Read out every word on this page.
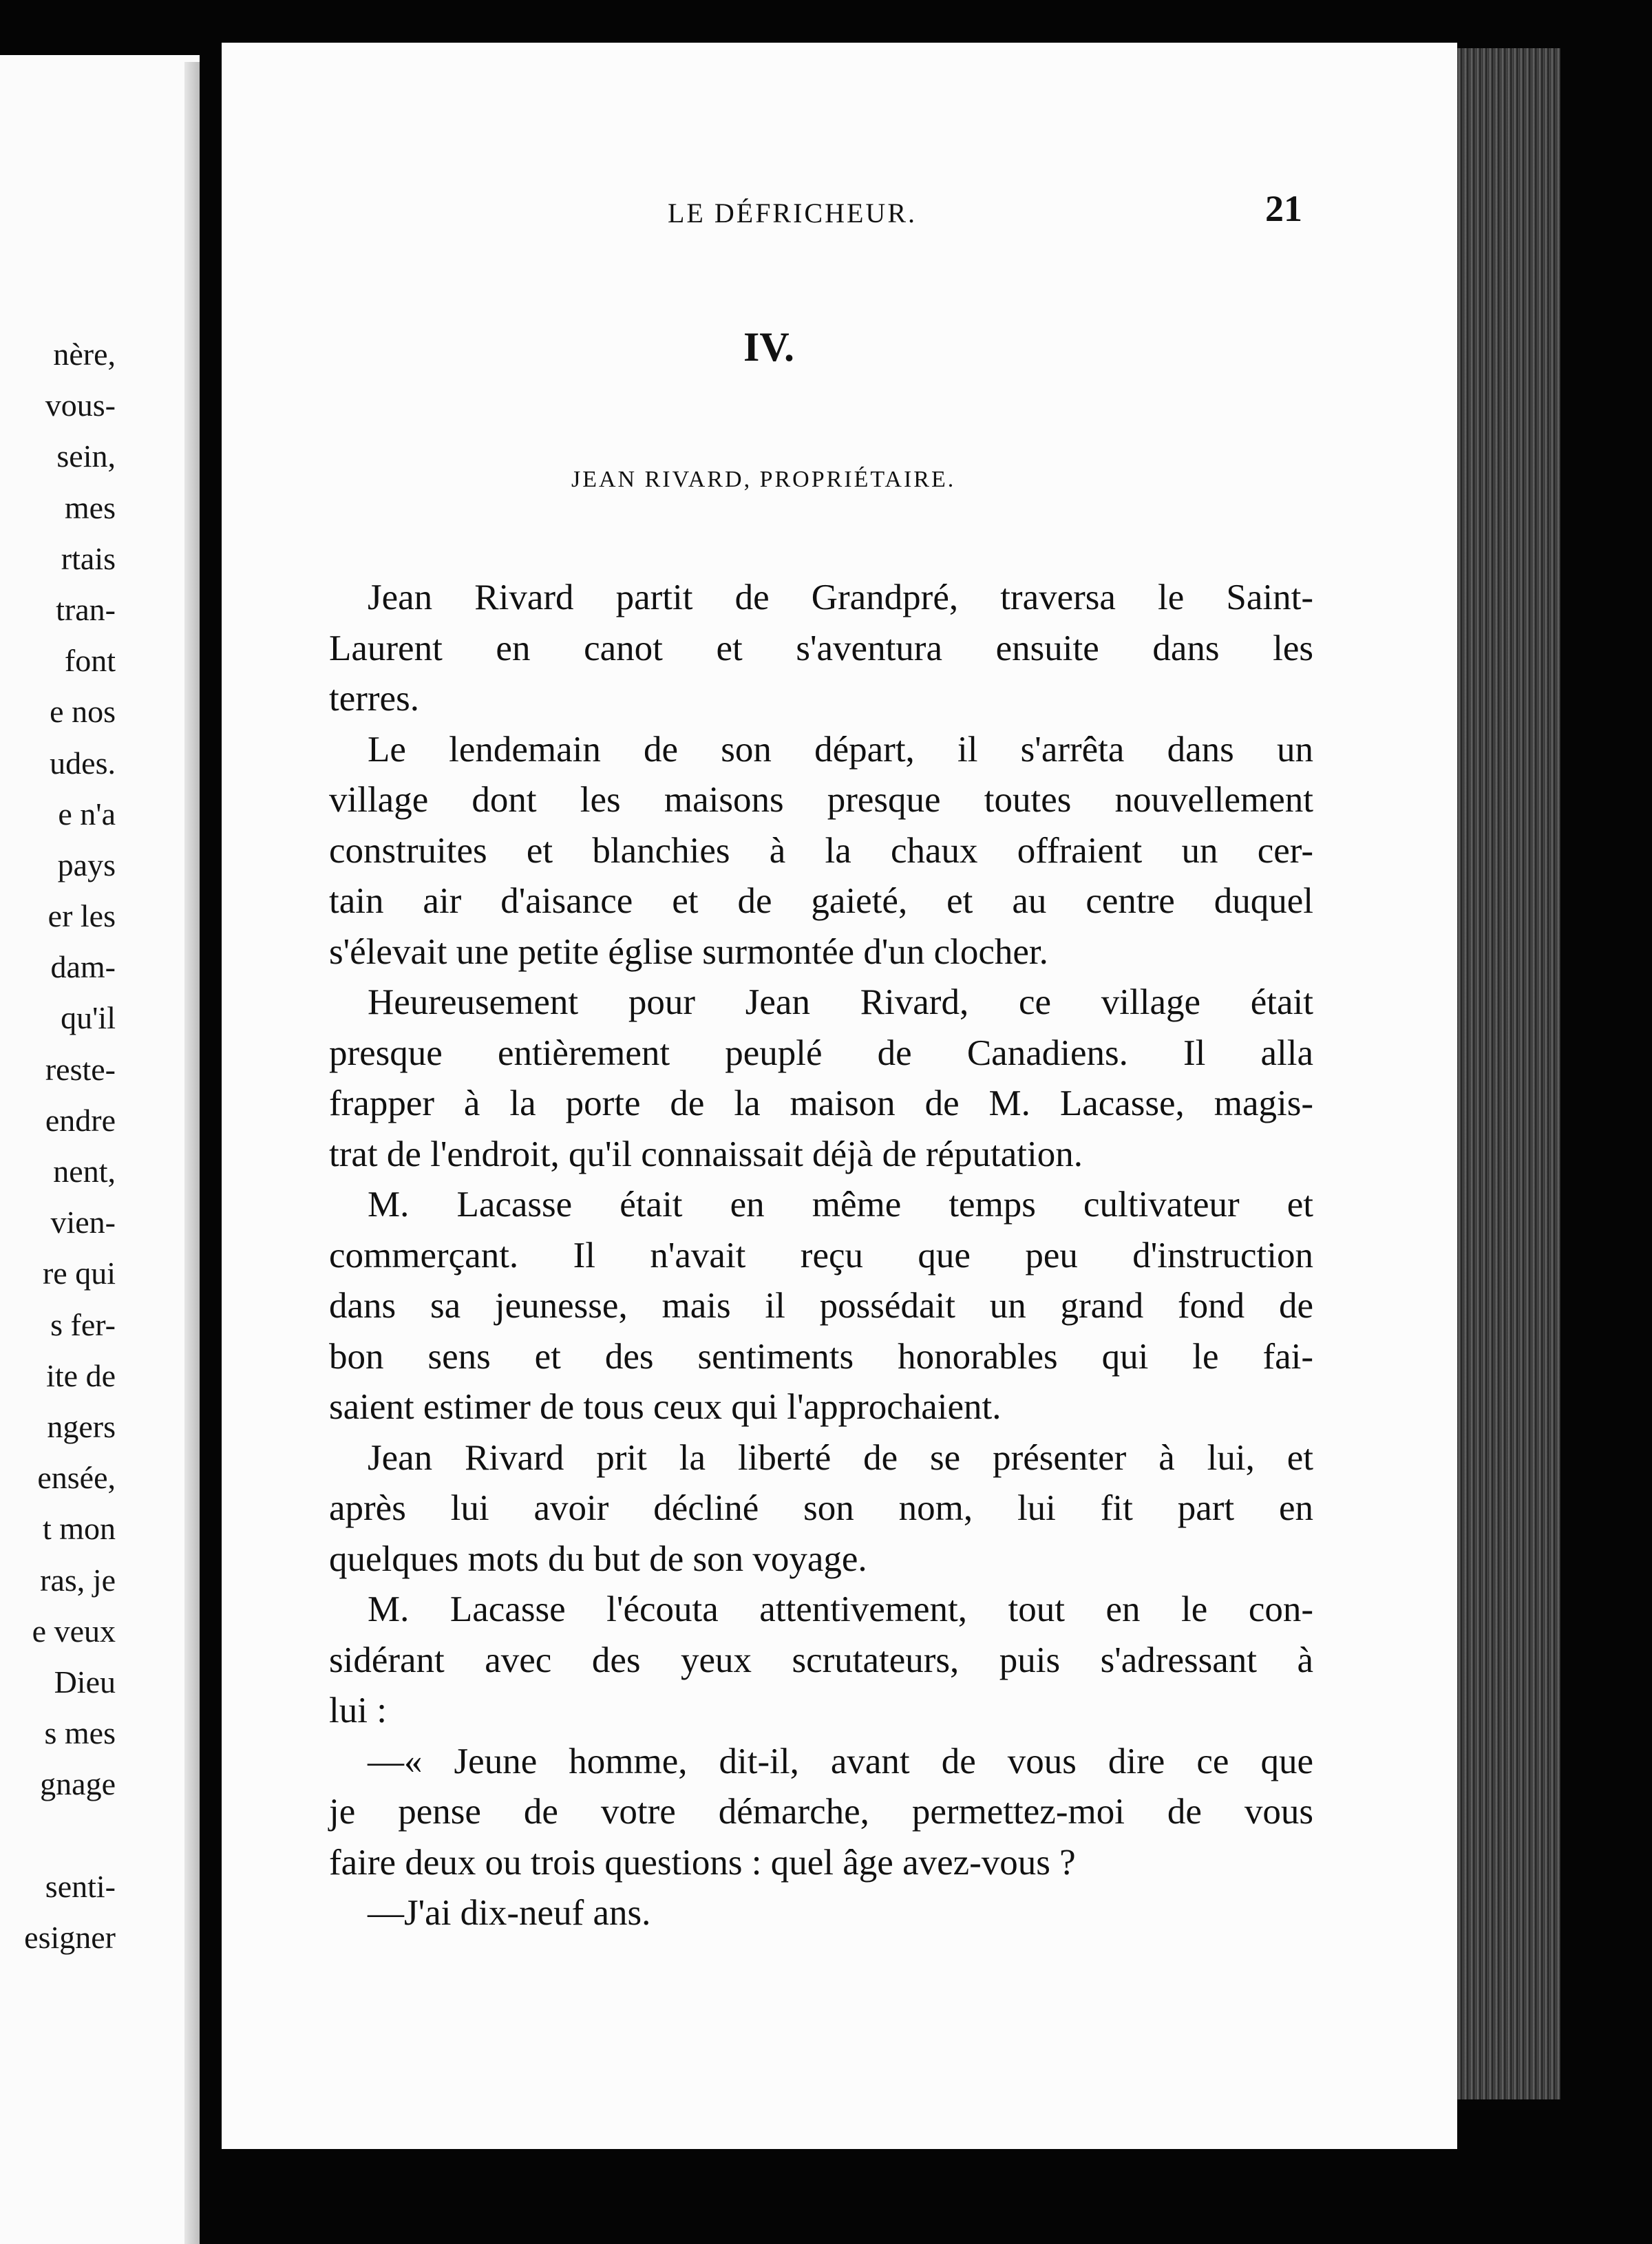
nère,
vous-
sein,
mes
rtais
tran-
font
e nos
udes.
e n'a
pays
er les
dam-
qu'il
reste-
endre
nent,
vien-
re qui
s fer-
ite de
ngers
ensée,
t mon
ras, je
e veux
Dieu
s mes
gnage
senti-
esigner
LE DÉFRICHEUR.	21
IV.
JEAN RIVARD, PROPRIÉTAIRE.
Jean Rivard partit de Grandpré, traversa le Saint-
Laurent en canot et s'aventura ensuite dans les
terres.
Le lendemain de son départ, il s'arrêta dans un
village dont les maisons presque toutes nouvellement
construites et blanchies à la chaux offraient un cer-
tain air d'aisance et de gaieté, et au centre duquel
s'élevait une petite église surmontée d'un clocher.
Heureusement pour Jean Rivard, ce village était
presque entièrement peuplé de Canadiens. Il alla
frapper à la porte de la maison de M. Lacasse, magis-
trat de l'endroit, qu'il connaissait déjà de réputation.
M. Lacasse était en même temps cultivateur et
commerçant. Il n'avait reçu que peu d'instruction
dans sa jeunesse, mais il possédait un grand fond de
bon sens et des sentiments honorables qui le fai-
saient estimer de tous ceux qui l'approchaient.
Jean Rivard prit la liberté de se présenter à lui, et
après lui avoir décliné son nom, lui fit part en
quelques mots du but de son voyage.
M. Lacasse l'écouta attentivement, tout en le con-
sidérant avec des yeux scrutateurs, puis s'adressant à
lui :
—« Jeune homme, dit-il, avant de vous dire ce que
je pense de votre démarche, permettez-moi de vous
faire deux ou trois questions : quel âge avez-vous ?
—J'ai dix-neuf ans.
